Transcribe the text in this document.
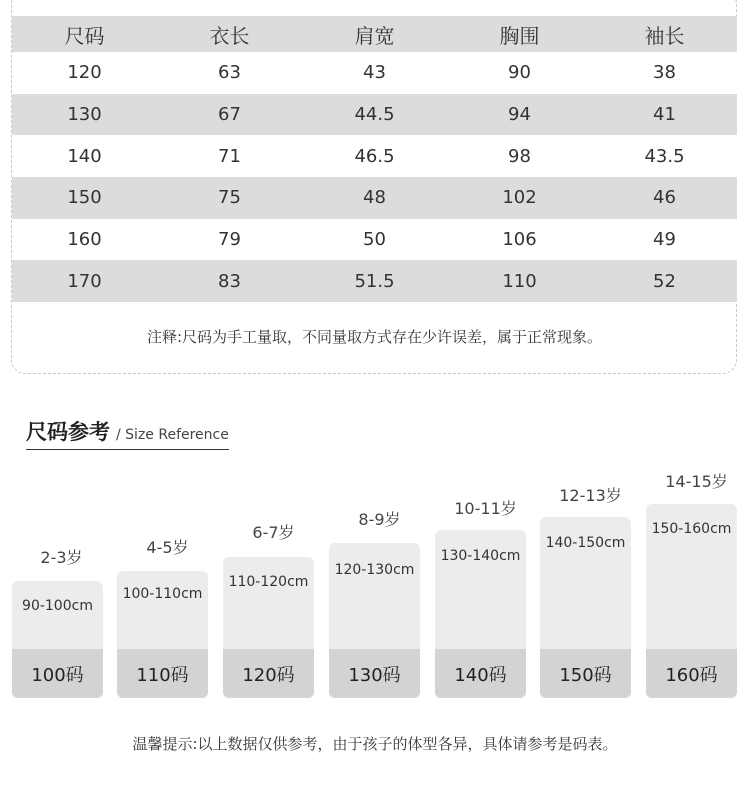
尺码	衣长	肩宽	胸围	袖长
120	63	43	90	38
130	67	44.5	94	41
140	71	46.5	98	43.5
150	75	48	102	46
160	79	50	106	49
170	83	51.5	110	52
注释:尺码为手工量取，不同量取方式存在少许误差，属于正常现象。
尺码参考 / Size Reference
2-3岁
90-100cm
100码
4-5岁
100-110cm
110码
6-7岁
110-120cm
120码
8-9岁
120-130cm
130码
10-11岁
130-140cm
140码
12-13岁
140-150cm
150码
14-15岁
150-160cm
160码
温馨提示:以上数据仅供参考，由于孩子的体型各异，具体请参考是码表。
